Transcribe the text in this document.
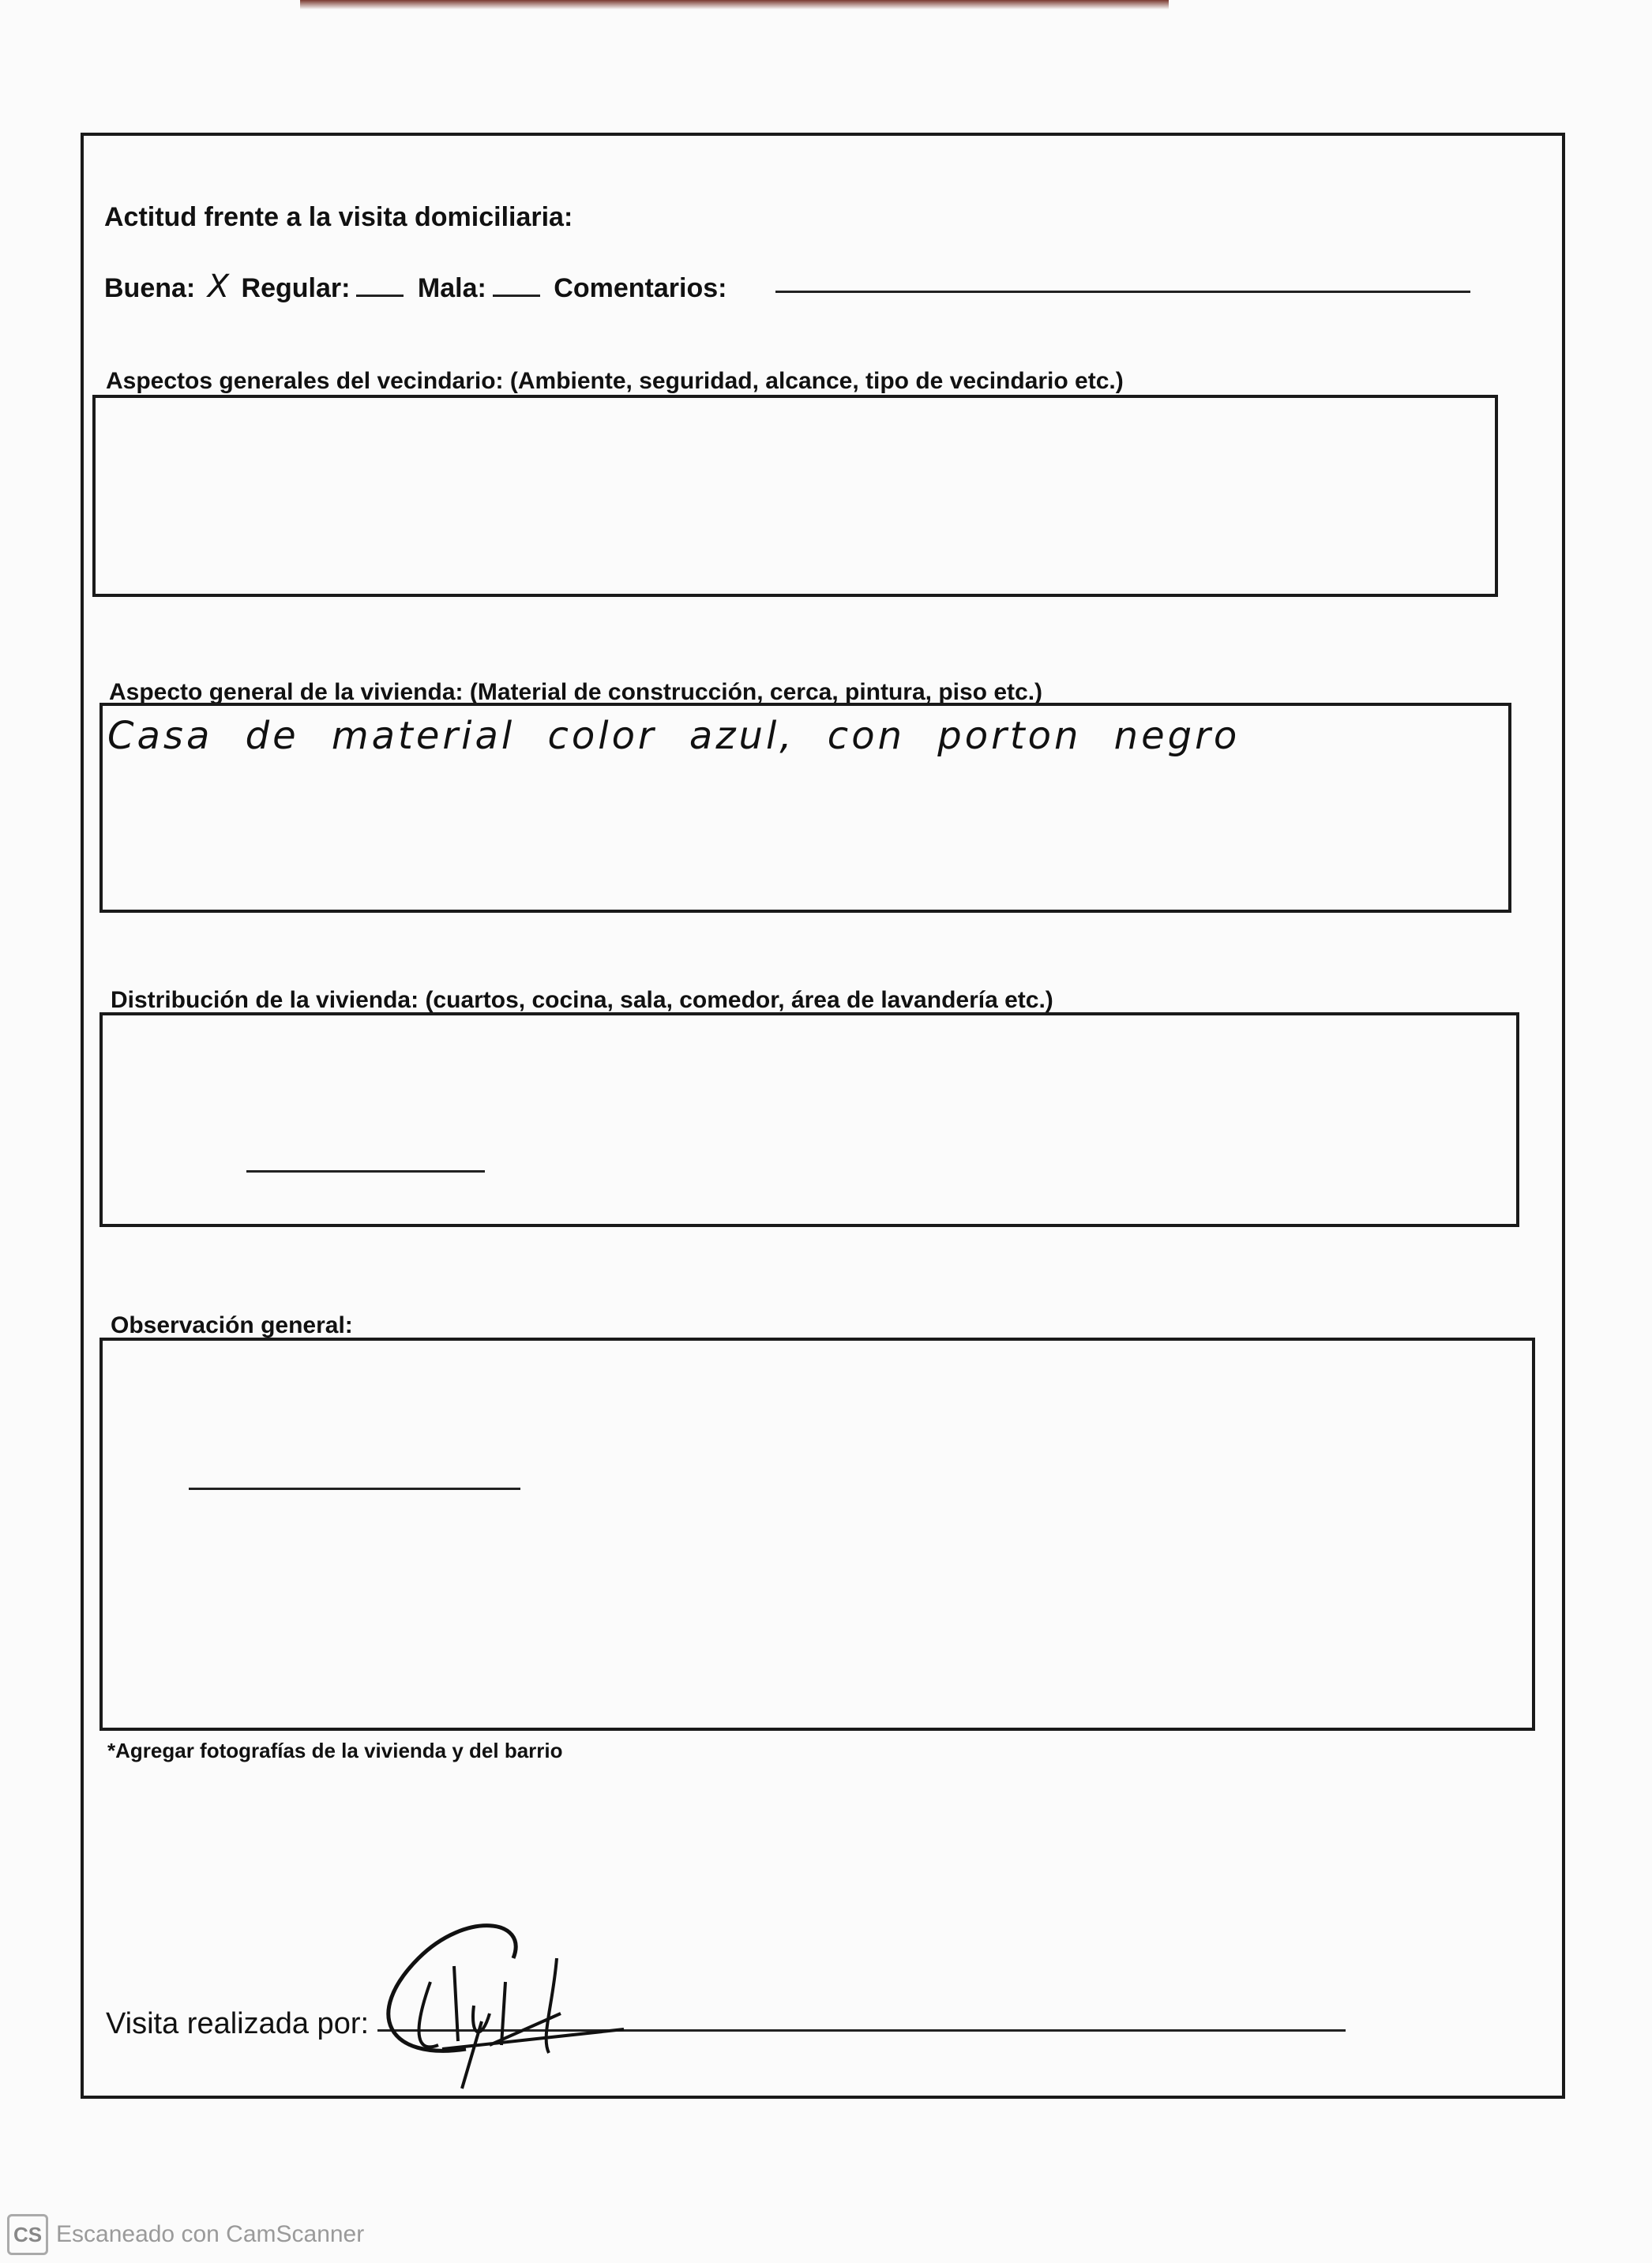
Actitud frente a la visita domiciliaria:
Buena: X Regular:	Mala:	Comentarios:
Aspectos generales del vecindario: (Ambiente, seguridad, alcance, tipo de vecindario etc.)
Aspecto general de la vivienda: (Material de construcción, cerca, pintura, piso etc.)
Casa de material color azul, con porton negro
Distribución de la vivienda: (cuartos, cocina, sala, comedor, área de lavandería etc.)
Observación general:
*Agregar fotografías de la vivienda y del barrio
Visita realizada por:
CS Escaneado con CamScanner
